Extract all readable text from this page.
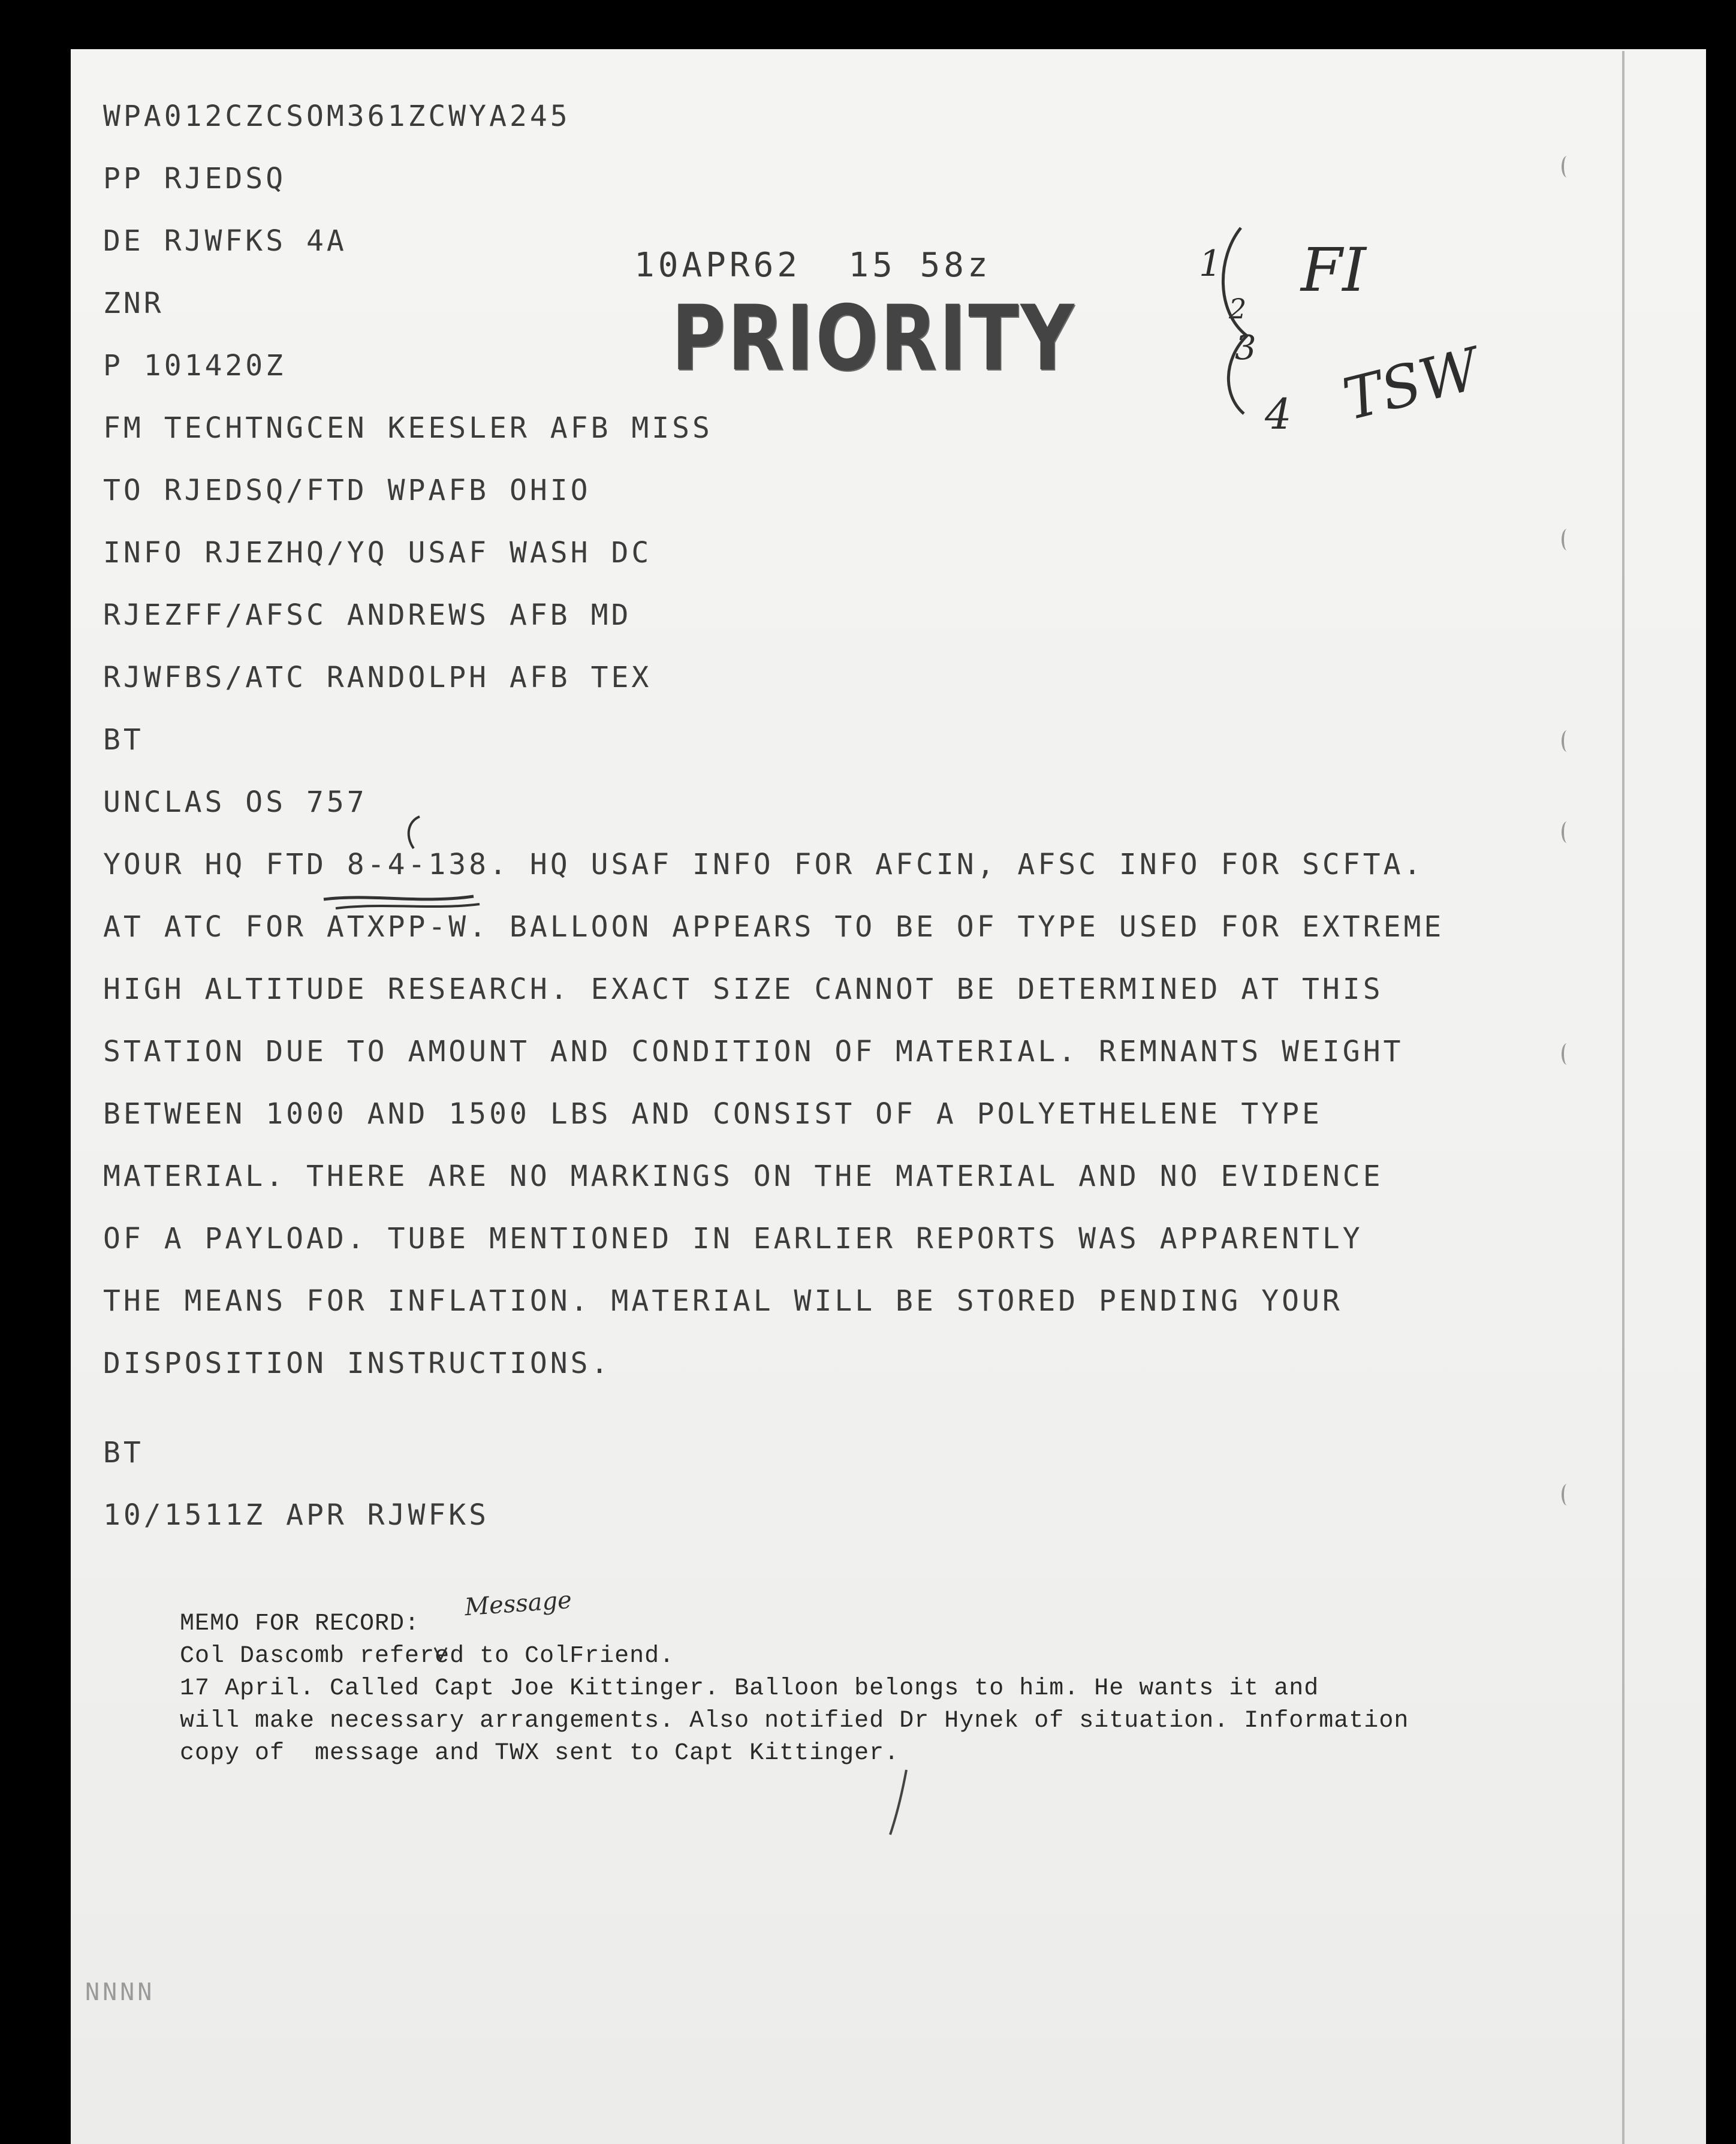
WPA012CZCSOM361ZCWYA245

PP RJEDSQ

DE RJWFKS 4A

ZNR

P 101420Z

FM TECHTNGCEN KEESLER AFB MISS

TO RJEDSQ/FTD WPAFB OHIO

INFO RJEZHQ/YQ USAF WASH DC

RJEZFF/AFSC ANDREWS AFB MD

RJWFBS/ATC RANDOLPH AFB TEX

BT

UNCLAS OS 757

YOUR HQ FTD 8-4-138. HQ USAF INFO FOR AFCIN, AFSC INFO FOR SCFTA.

AT ATC FOR ATXPP-W. BALLOON APPEARS TO BE OF TYPE USED FOR EXTREME

HIGH ALTITUDE RESEARCH. EXACT SIZE CANNOT BE DETERMINED AT THIS

STATION DUE TO AMOUNT AND CONDITION OF MATERIAL. REMNANTS WEIGHT

BETWEEN 1000 AND 1500 LBS AND CONSIST OF A POLYETHELENE TYPE

MATERIAL. THERE ARE NO MARKINGS ON THE MATERIAL AND NO EVIDENCE

OF A PAYLOAD. TUBE MENTIONED IN EARLIER REPORTS WAS APPARENTLY

THE MEANS FOR INFLATION. MATERIAL WILL BE STORED PENDING YOUR

DISPOSITION INSTRUCTIONS.

BT

10/1511Z APR RJWFKS

10APR62  15 58z
PRIORITY
1
2
3
4
FI
TSW

MEMO FOR RECORD:

Message

Col Dascomb refered to ColFriend.

17 April. Called Capt Joe Kittinger. Balloon belongs to him. He wants it and

will make necessary arrangements. Also notified Dr Hynek of situation. Information

copy of  message and TWX sent to Capt Kittinger.

NNNN
